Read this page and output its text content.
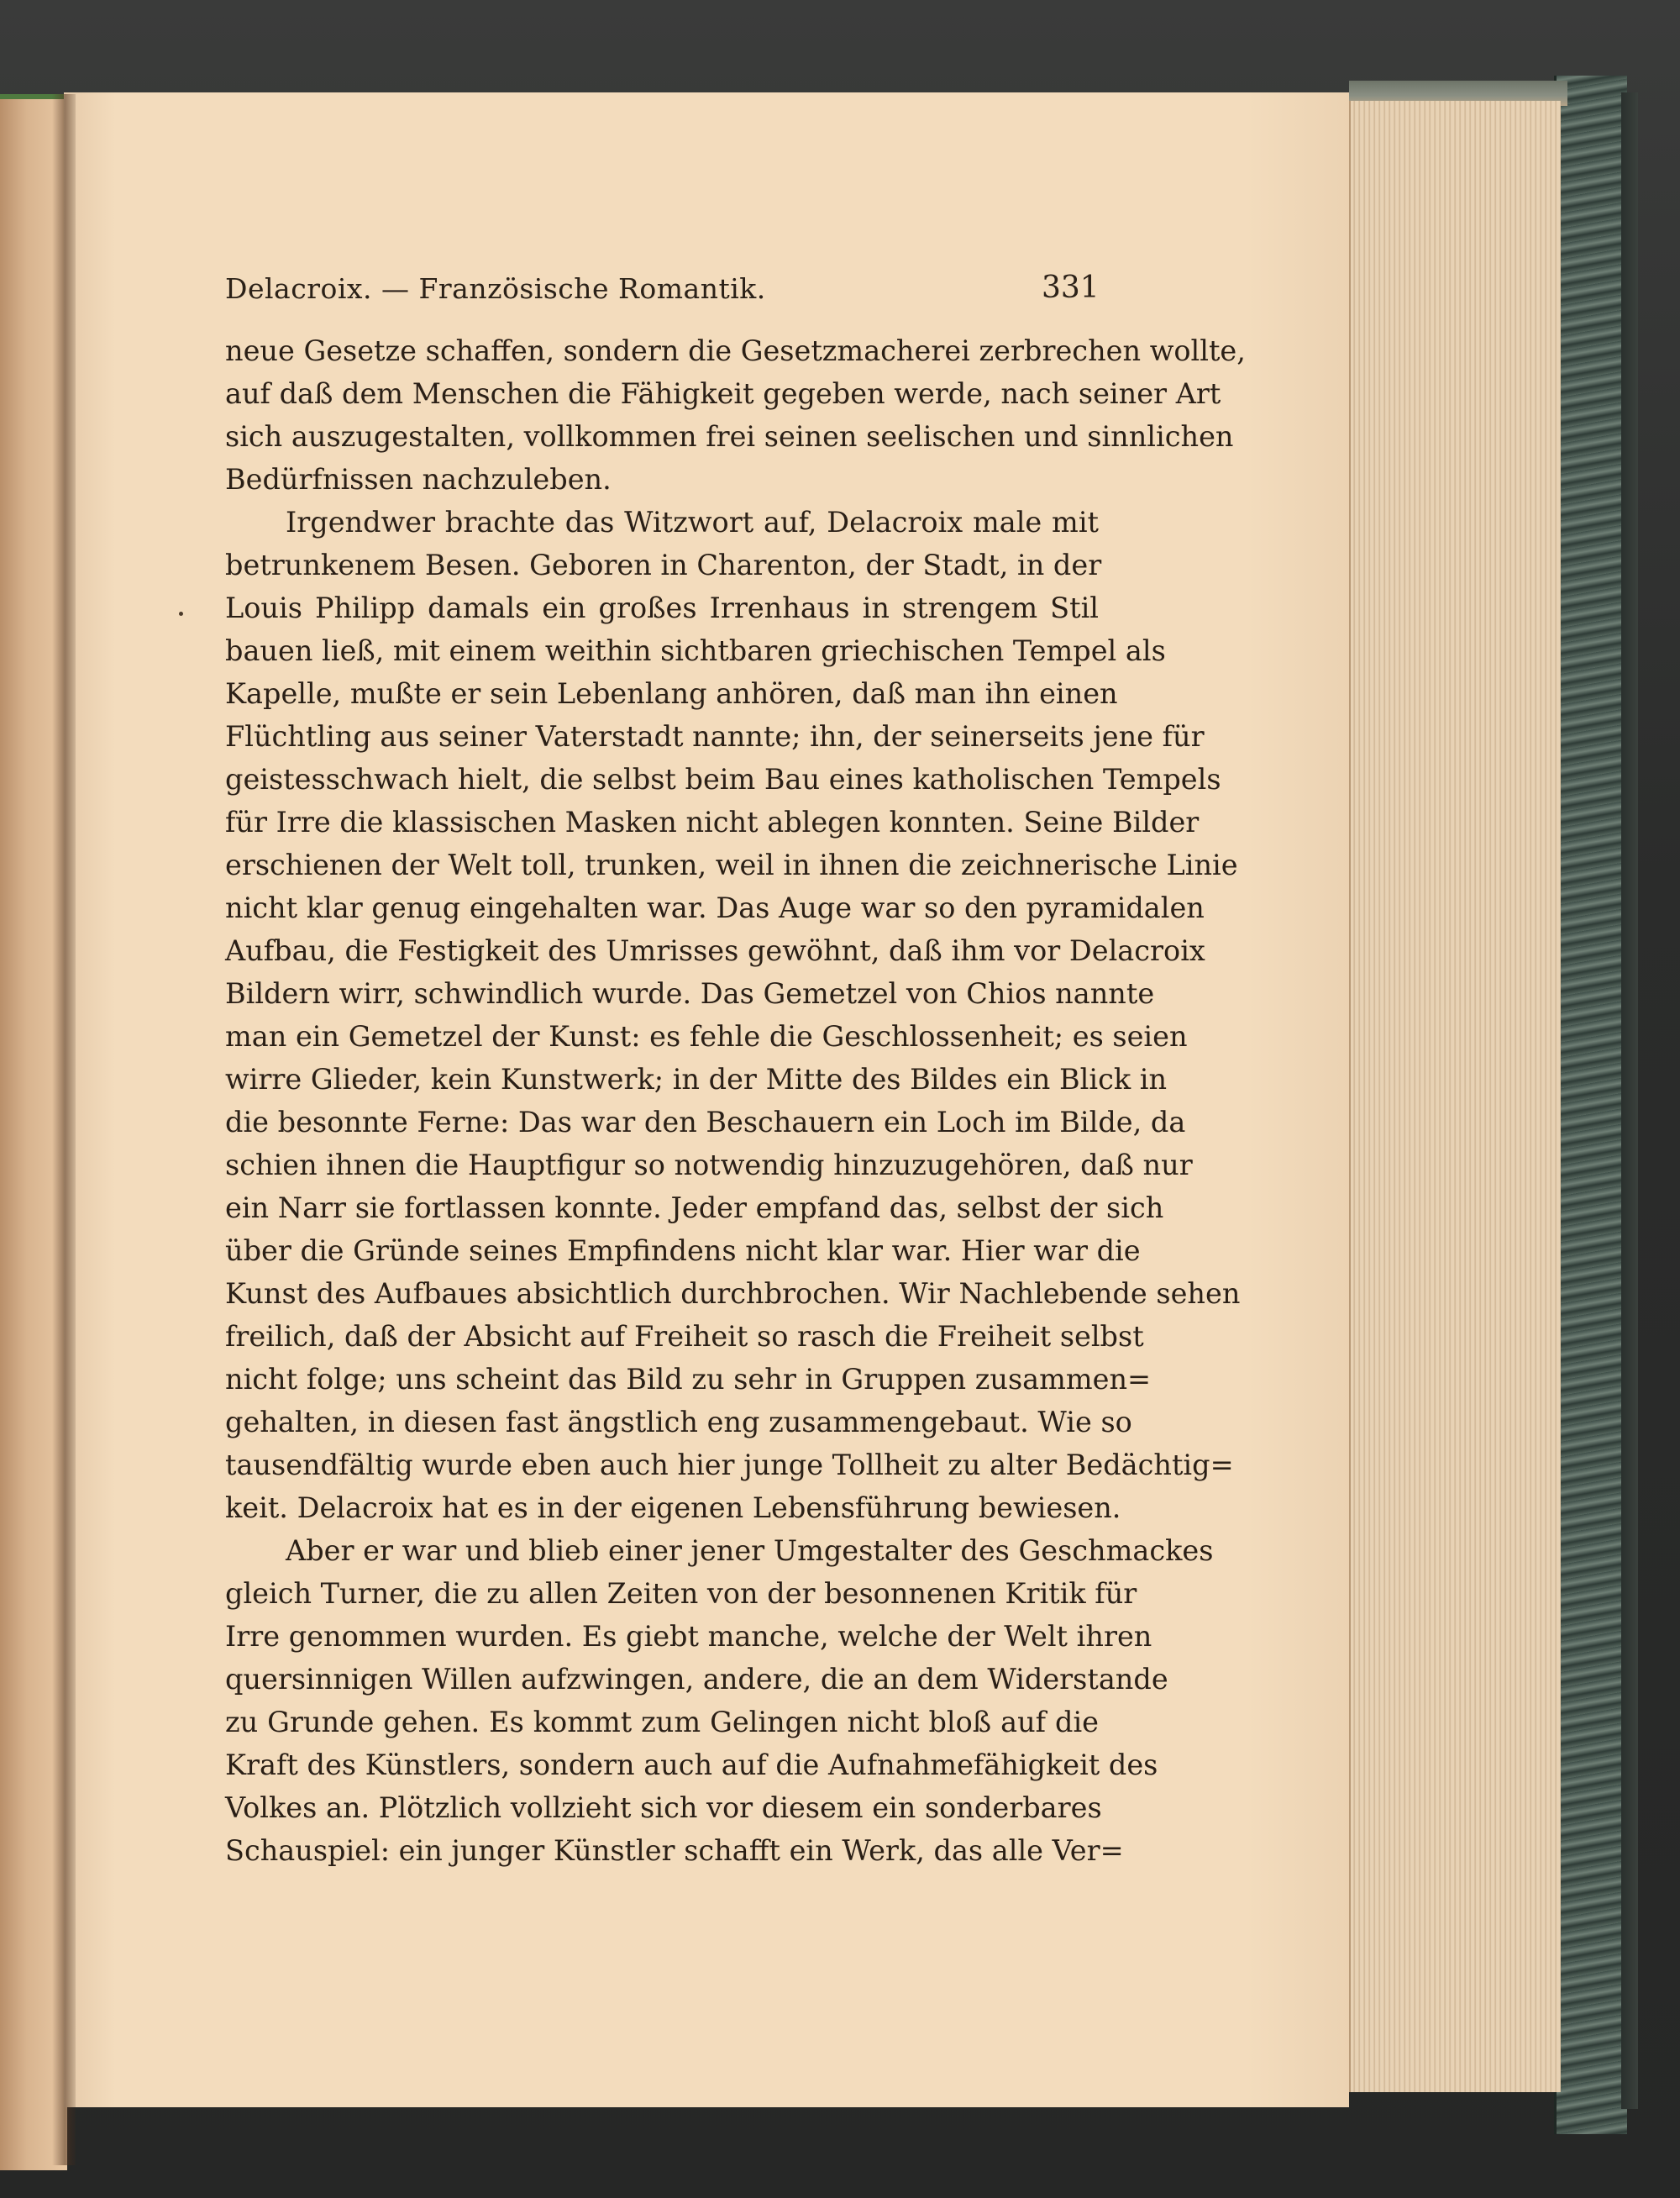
Delacroix. — Französische Romantik.	331
neue Gesetze schaffen, sondern die Gesetzmacherei zerbrechen wollte,
auf daß dem Menschen die Fähigkeit gegeben werde, nach seiner Art
sich auszugestalten, vollkommen frei seinen seelischen und sinnlichen
Bedürfnissen nachzuleben.
Irgendwer brachte das Witzwort auf, Delacroix male mit
betrunkenem Besen. Geboren in Charenton, der Stadt, in der
Louis Philipp damals ein großes Irrenhaus in strengem Stil
bauen ließ, mit einem weithin sichtbaren griechischen Tempel als
Kapelle, mußte er sein Lebenlang anhören, daß man ihn einen
Flüchtling aus seiner Vaterstadt nannte; ihn, der seinerseits jene für
geistesschwach hielt, die selbst beim Bau eines katholischen Tempels
für Irre die klassischen Masken nicht ablegen konnten. Seine Bilder
erschienen der Welt toll, trunken, weil in ihnen die zeichnerische Linie
nicht klar genug eingehalten war. Das Auge war so den pyramidalen
Aufbau, die Festigkeit des Umrisses gewöhnt, daß ihm vor Delacroix
Bildern wirr, schwindlich wurde. Das Gemetzel von Chios nannte
man ein Gemetzel der Kunst: es fehle die Geschlossenheit; es seien
wirre Glieder, kein Kunstwerk; in der Mitte des Bildes ein Blick in
die besonnte Ferne: Das war den Beschauern ein Loch im Bilde, da
schien ihnen die Hauptfigur so notwendig hinzuzugehören, daß nur
ein Narr sie fortlassen konnte. Jeder empfand das, selbst der sich
über die Gründe seines Empfindens nicht klar war. Hier war die
Kunst des Aufbaues absichtlich durchbrochen. Wir Nachlebende sehen
freilich, daß der Absicht auf Freiheit so rasch die Freiheit selbst
nicht folge; uns scheint das Bild zu sehr in Gruppen zusammen=
gehalten, in diesen fast ängstlich eng zusammengebaut. Wie so
tausendfältig wurde eben auch hier junge Tollheit zu alter Bedächtig=
keit. Delacroix hat es in der eigenen Lebensführung bewiesen.
Aber er war und blieb einer jener Umgestalter des Geschmackes
gleich Turner, die zu allen Zeiten von der besonnenen Kritik für
Irre genommen wurden. Es giebt manche, welche der Welt ihren
quersinnigen Willen aufzwingen, andere, die an dem Widerstande
zu Grunde gehen. Es kommt zum Gelingen nicht bloß auf die
Kraft des Künstlers, sondern auch auf die Aufnahmefähigkeit des
Volkes an. Plötzlich vollzieht sich vor diesem ein sonderbares
Schauspiel: ein junger Künstler schafft ein Werk, das alle Ver=
